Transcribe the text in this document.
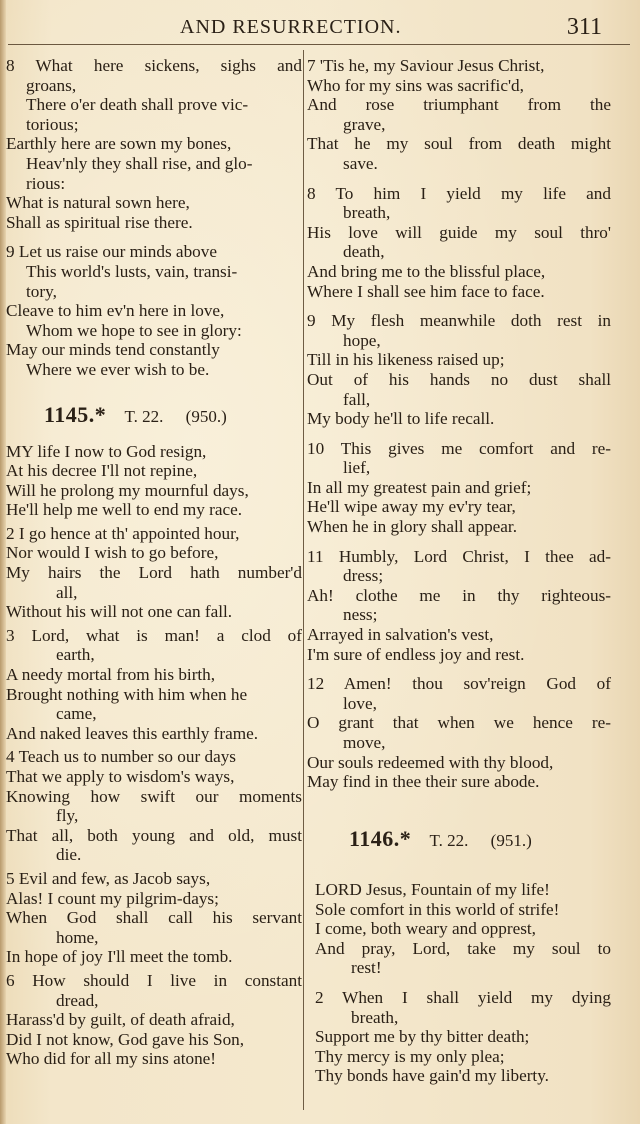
AND RESURRECTION.	311
8 What here sickens, sighs and
groans,
There o'er death shall prove vic-
torious;
Earthly here are sown my bones,
Heav'nly they shall rise, and glo-
rious:
What is natural sown here,
Shall as spiritual rise there.
9 Let us raise our minds above
This world's lusts, vain, transi-
tory,
Cleave to him ev'n here in love,
Whom we hope to see in glory:
May our minds tend constantly
Where we ever wish to be.
1145.* T. 22. (950.)
MY life I now to God resign,
At his decree I'll not repine,
Will he prolong my mournful days,
He'll help me well to end my race.
2 I go hence at th' appointed hour,
Nor would I wish to go before,
My hairs the Lord hath number'd
all,
Without his will not one can fall.
3 Lord, what is man! a clod of
earth,
A needy mortal from his birth,
Brought nothing with him when he
came,
And naked leaves this earthly frame.
4 Teach us to number so our days
That we apply to wisdom's ways,
Knowing how swift our moments
fly,
That all, both young and old, must
die.
5 Evil and few, as Jacob says,
Alas! I count my pilgrim-days;
When God shall call his servant
home,
In hope of joy I'll meet the tomb.
6 How should I live in constant
dread,
Harass'd by guilt, of death afraid,
Did I not know, God gave his Son,
Who did for all my sins atone!
7 'Tis he, my Saviour Jesus Christ,
Who for my sins was sacrific'd,
And rose triumphant from the
grave,
That he my soul from death might
save.
8 To him I yield my life and
breath,
His love will guide my soul thro'
death,
And bring me to the blissful place,
Where I shall see him face to face.
9 My flesh meanwhile doth rest in
hope,
Till in his likeness raised up;
Out of his hands no dust shall
fall,
My body he'll to life recall.
10 This gives me comfort and re-
lief,
In all my greatest pain and grief;
He'll wipe away my ev'ry tear,
When he in glory shall appear.
11 Humbly, Lord Christ, I thee ad-
dress;
Ah! clothe me in thy righteous-
ness;
Arrayed in salvation's vest,
I'm sure of endless joy and rest.
12 Amen! thou sov'reign God of
love,
O grant that when we hence re-
move,
Our souls redeemed with thy blood,
May find in thee their sure abode.
1146.* T. 22. (951.)
LORD Jesus, Fountain of my life!
Sole comfort in this world of strife!
I come, both weary and opprest,
And pray, Lord, take my soul to
rest!
2 When I shall yield my dying
breath,
Support me by thy bitter death;
Thy mercy is my only plea;
Thy bonds have gain'd my liberty.
